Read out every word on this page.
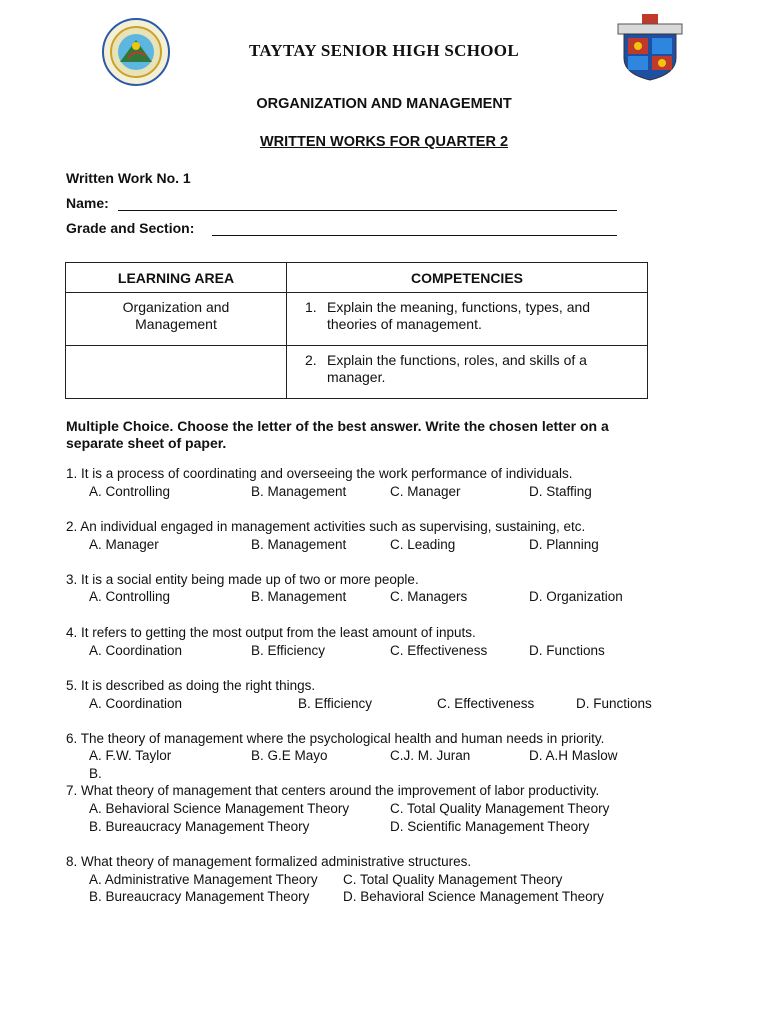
TAYTAY SENIOR HIGH SCHOOL
ORGANIZATION AND MANAGEMENT
WRITTEN WORKS FOR QUARTER 2
Written Work No. 1
Name:
Grade and Section:
LEARNING AREA	COMPETENCIES
Organization and
Management	1. Explain the meaning, functions, types, and
theories of management.

	2. Explain the functions, roles, and skills of a
manager.
Multiple Choice. Choose the letter of the best answer. Write the chosen letter on a
separate sheet of paper.
1. It is a process of coordinating and overseeing the work performance of individuals.
A. Controlling	B. Management	C. Manager	D. Staffing
2. An individual engaged in management activities such as supervising, sustaining, etc.
A. Manager	B. Management	C. Leading	D. Planning
3. It is a social entity being made up of two or more people.
A. Controlling	B. Management	C. Managers	D. Organization
4. It refers to getting the most output from the least amount of inputs.
A. Coordination	B. Efficiency	C. Effectiveness	D. Functions
5. It is described as doing the right things.
A. Coordination	B. Efficiency	C. Effectiveness	D. Functions
6. The theory of management where the psychological health and human needs in priority.
A. F.W. Taylor	B. G.E Mayo	C.J. M. Juran	D. A.H Maslow
B.
7. What theory of management that centers around the improvement of labor productivity.
A. Behavioral Science Management Theory	C. Total Quality Management Theory
B. Bureaucracy Management Theory	D. Scientific Management Theory
8. What theory of management formalized administrative structures.
A. Administrative Management Theory C. Total Quality Management Theory
B. Bureaucracy Management Theory D. Behavioral Science Management Theory
